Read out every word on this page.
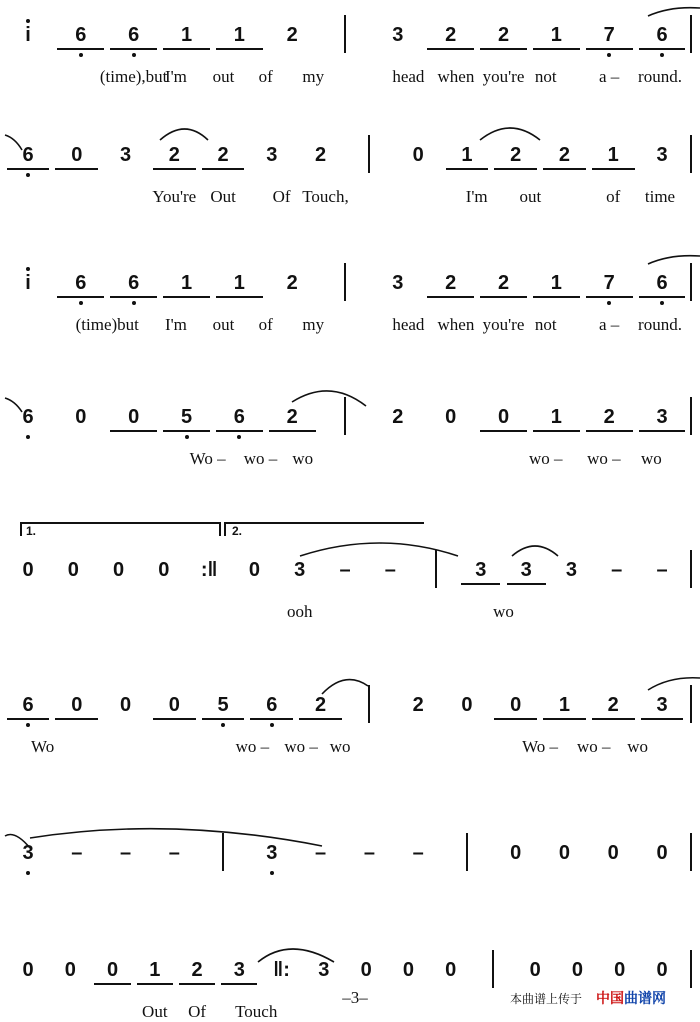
i 6 6 1 1 2	3 2 2 1 7 6
(time),but
I'm out of my	head when you're not a – round.
6 0 3 2 2 3 2	0 1 2 2 1 3
You're Out Of Touch,	I'm out	of time
i 6 6 1 1 2	3 2 2 1 7 6
(time)but I'm out of my	head when you're not a – round.
6 0 0 5 6 2	2 0 0 1 2 3
Wo – wo – wo	wo – wo – wo
0 0 0 0 :‖ 0 3 – –	3 3 3 – –
1.	2.
ooh	wo
6 0 0 0 5 6 2	2 0 0 1 2 3
Wo	wo – wo – wo	Wo – wo – wo
3 – – –	3 – – –	0 0 0 0
0 0 0 1 2 3 ‖: 3 0 0 0	0 0 0 0
Out Of Touch
–3–	本曲谱上传于 中国曲谱网
